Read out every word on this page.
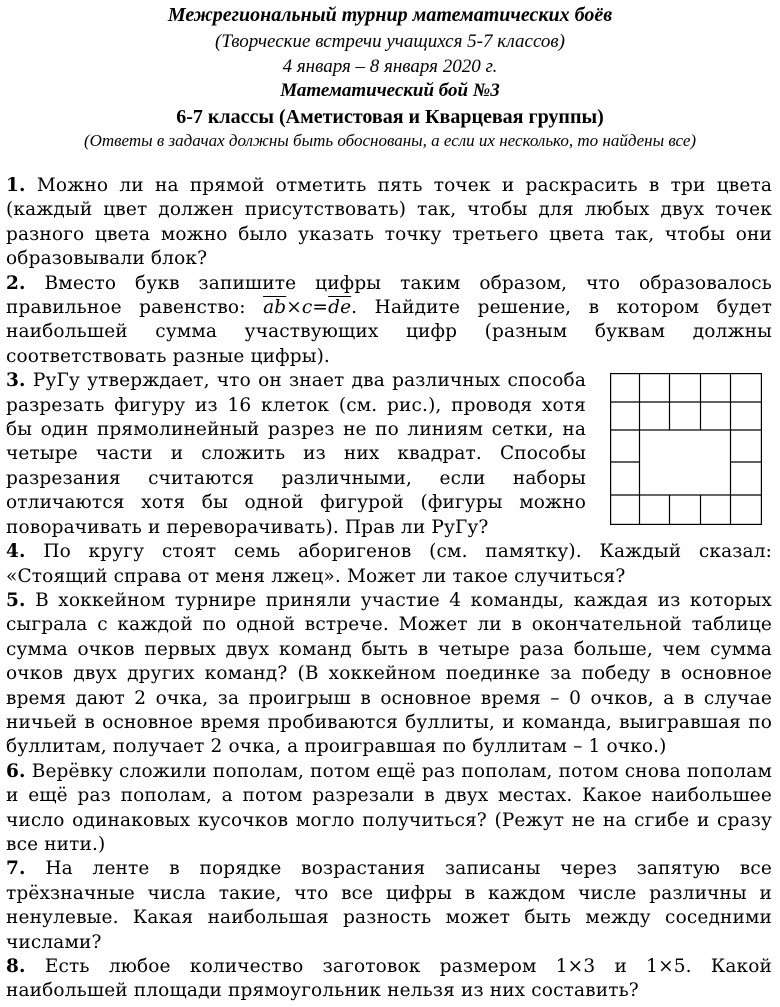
Межрегиональный турнир математических боёв
(Творческие встречи учащихся 5-7 классов)
4 января – 8 января 2020 г.
Математический бой №3
6-7 классы (Аметистовая и Кварцевая группы)
(Ответы в задачах должны быть обоснованы, а если их несколько, то найдены все)

1. Можно ли на прямой отметить пять точек и раскрасить в три цвета (каждый цвет должен присутствовать) так, чтобы для любых двух точек разного цвета можно было указать точку третьего цвета так, чтобы они образовывали блок?

2. Вместо букв запишите цифры таким образом, что образовалось правильное равенство: $\overline{ab}\times c=\overline{de}$. Найдите решение, в котором будет наибольшей сумма участвующих цифр (разным буквам должны соответствовать разные цифры).

3. РуГу утверждает, что он знает два различных способа разрезать фигуру из 16 клеток (см. рис.), проводя хотя бы один прямолинейный разрез не по линиям сетки, на четыре части и сложить из них квадрат. Способы разрезания считаются различными, если наборы отличаются хотя бы одной фигурой (фигуры можно поворачивать и переворачивать). Прав ли РуГу?

4. По кругу стоят семь аборигенов (см. памятку). Каждый сказал: «Стоящий справа от меня лжец». Может ли такое случиться?

5. В хоккейном турнире приняли участие 4 команды, каждая из которых сыграла с каждой по одной встрече. Может ли в окончательной таблице сумма очков первых двух команд быть в четыре раза больше, чем сумма очков двух других команд? (В хоккейном поединке за победу в основное время дают 2 очка, за проигрыш в основное время – 0 очков, а в случае ничьей в основное время пробиваются буллиты, и команда, выигравшая по буллитам, получает 2 очка, а проигравшая по буллитам – 1 очко.)

6. Верёвку сложили пополам, потом ещё раз пополам, потом снова пополам и ещё раз пополам, а потом разрезали в двух местах. Какое наибольшее число одинаковых кусочков могло получиться? (Режут не на сгибе и сразу все нити.)

7. На ленте в порядке возрастания записаны через запятую все трёхзначные числа такие, что все цифры в каждом числе различны и ненулевые. Какая наибольшая разность может быть между соседними числами?

8. Есть любое количество заготовок размером 1×3 и 1×5. Какой наибольшей площади прямоугольник нельзя из них составить?
